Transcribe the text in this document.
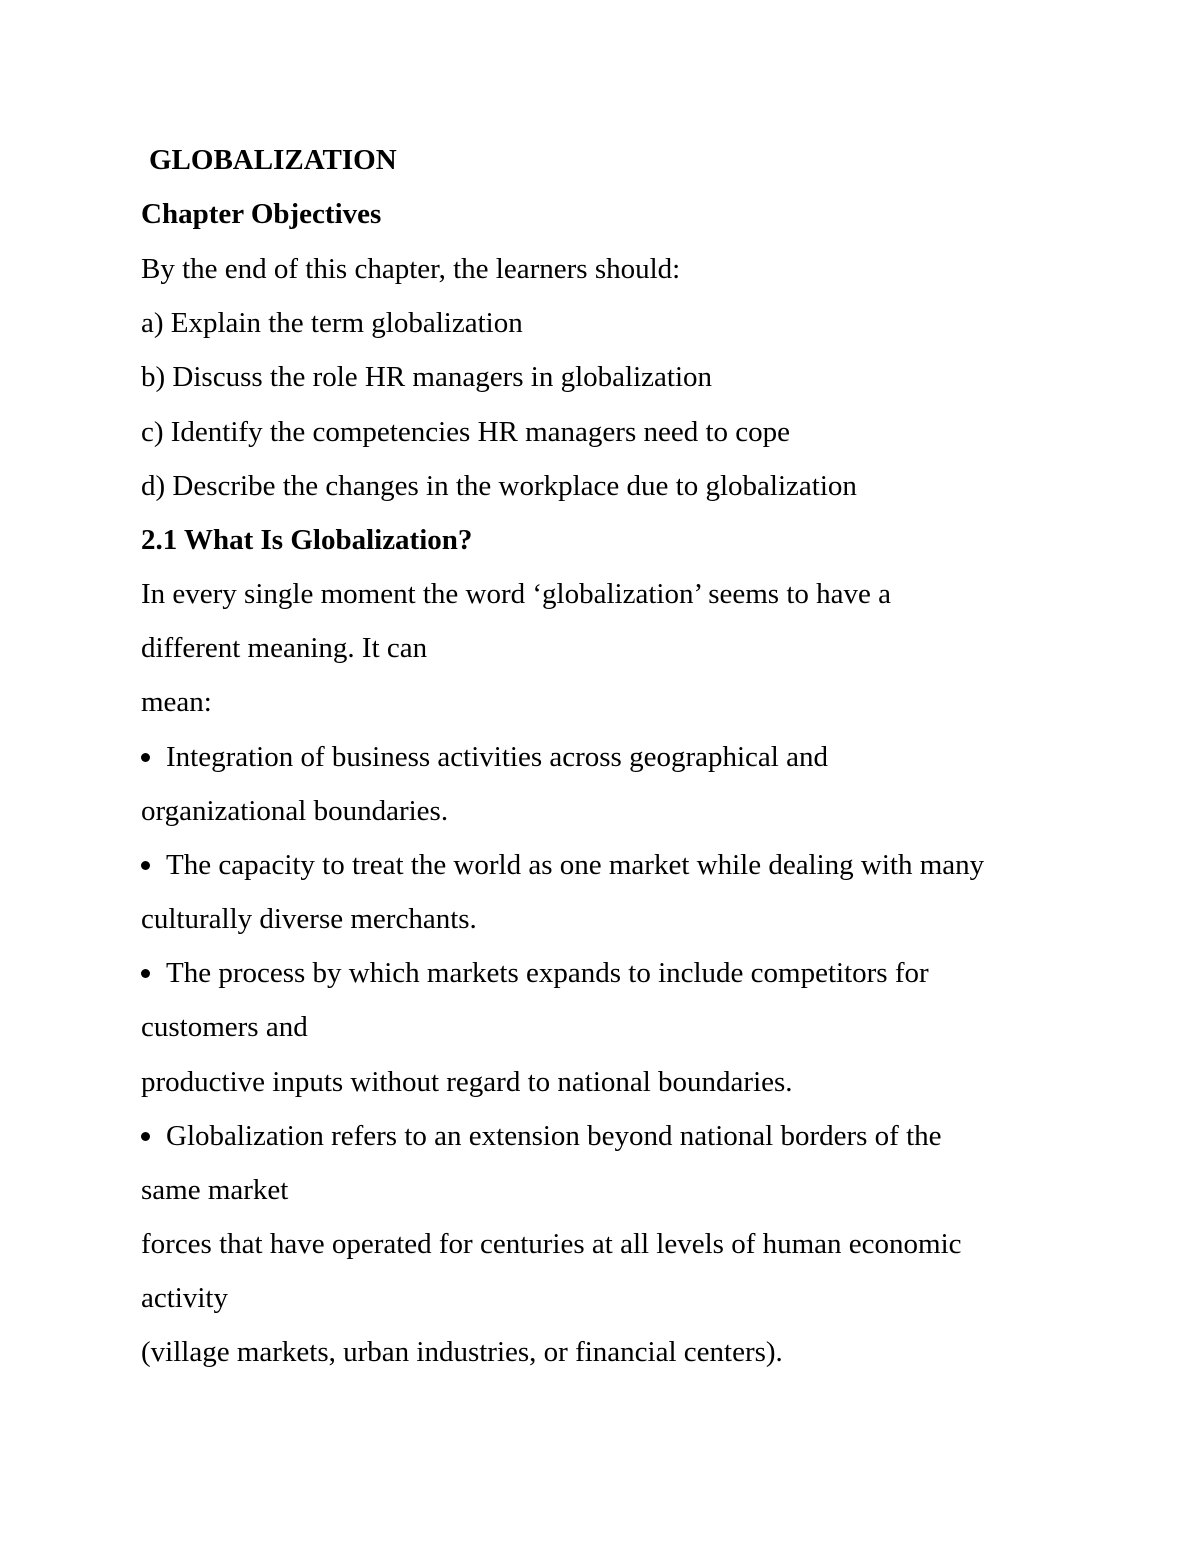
GLOBALIZATION

Chapter Objectives

By the end of this chapter, the learners should:

a) Explain the term globalization

b) Discuss the role HR managers in globalization

c) Identify the competencies HR managers need to cope

d) Describe the changes in the workplace due to globalization

2.1 What Is Globalization?

In every single moment the word ‘globalization’ seems to have a

different meaning. It can

mean:

Integration of business activities across geographical and

organizational boundaries.

The capacity to treat the world as one market while dealing with many

culturally diverse merchants.

The process by which markets expands to include competitors for

customers and

productive inputs without regard to national boundaries.

Globalization refers to an extension beyond national borders of the

same market

forces that have operated for centuries at all levels of human economic

activity

(village markets, urban industries, or financial centers).
